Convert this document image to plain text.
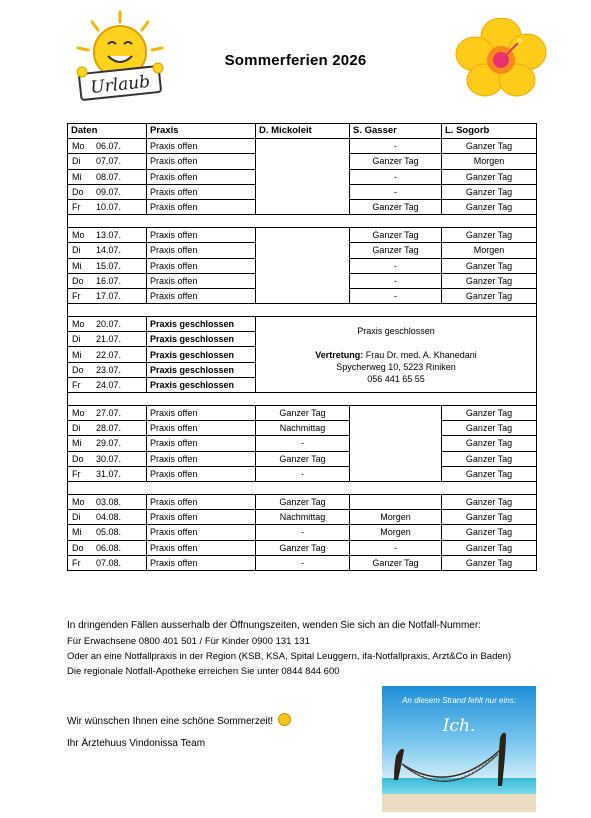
Urlaub
Sommerferien 2026
Daten	Praxis	D. Mickoleit	S. Gasser	L. Sogorb
Mo 06.07.	Praxis offen		-	Ganzer Tag
Di 07.07.	Praxis offen		Ganzer Tag	Morgen
Mi 08.07.	Praxis offen		-	Ganzer Tag
Do 09.07.	Praxis offen		-	Ganzer Tag
Fr 10.07.	Praxis offen		Ganzer Tag	Ganzer Tag

Mo 13.07.	Praxis offen		Ganzer Tag	Ganzer Tag
Di 14.07.	Praxis offen		Ganzer Tag	Morgen
Mi 15.07.	Praxis offen		-	Ganzer Tag
Do 16.07.	Praxis offen		-	Ganzer Tag
Fr 17.07.	Praxis offen		-	Ganzer Tag

Mo 20.07.	Praxis geschlossen	Praxis geschlossen
Vertretung: Frau Dr. med. A. Khanedani
Spycherweg 10, 5223 Riniken
056 441 65 55		

Di 21.07.	Praxis geschlossen			
Mi 22.07.	Praxis geschlossen			
Do 23.07.	Praxis geschlossen			
Fr 24.07.	Praxis geschlossen			

Mo 27.07.	Praxis offen	Ganzer Tag		Ganzer Tag
Di 28.07.	Praxis offen	Nachmittag		Ganzer Tag
Mi 29.07.	Praxis offen	-		Ganzer Tag
Do 30.07.	Praxis offen	Ganzer Tag		Ganzer Tag
Fr 31.07.	Praxis offen	-		Ganzer Tag

Mo 03.08.	Praxis offen	Ganzer Tag		Ganzer Tag
Di 04.08.	Praxis offen	Nachmittag	Morgen	Ganzer Tag
Mi 05.08.	Praxis offen	-	Morgen	Ganzer Tag
Do 06.08.	Praxis offen	Ganzer Tag	-	Ganzer Tag
Fr 07.08.	Praxis offen	-	Ganzer Tag	Ganzer Tag
In dringenden Fällen ausserhalb der Öffnungszeiten, wenden Sie sich an die Notfall-Nummer:
Für Erwachsene 0800 401 501 / Für Kinder 0900 131 131
Oder an eine Notfallpraxis in der Region (KSB, KSA, Spital Leuggern, ifa-Notfallpraxis, Arzt&Co in Baden)
Die regionale Notfall-Apotheke erreichen Sie unter 0844 844 600
Wir wünschen Ihnen eine schöne Sommerzeit!
Ihr Ärztehuus Vindonissa Team
An diesem Strand fehlt nur eins:
Ich.
